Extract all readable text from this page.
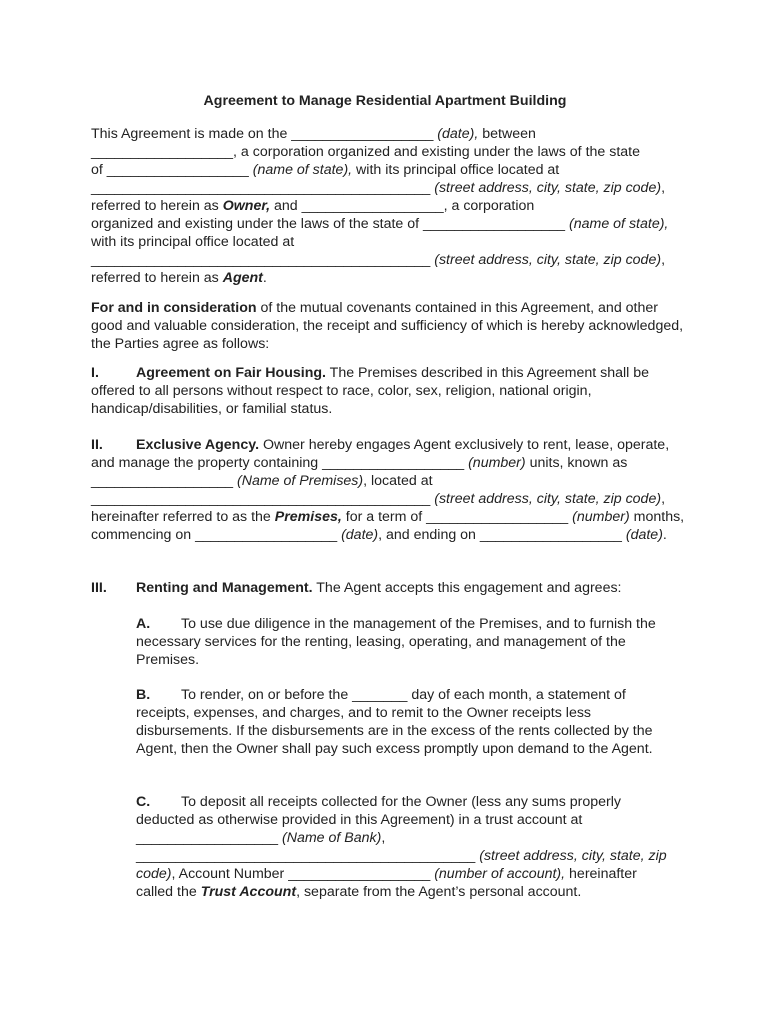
Agreement to Manage Residential Apartment Building

This Agreement is made on the __________________ (date), between
__________________, a corporation organized and existing under the laws of the state
of __________________ (name of state), with its principal office located at
___________________________________________ (street address, city, state, zip code), referred to herein as Owner, and __________________, a corporation
organized and existing under the laws of the state of __________________ (name of state), with its principal office located at
___________________________________________ (street address, city, state, zip code), referred to herein as Agent.

For and in consideration of the mutual covenants contained in this Agreement, and other good and valuable consideration, the receipt and sufficiency of which is hereby acknowledged, the Parties agree as follows:

I.	Agreement on Fair Housing. The Premises described in this Agreement shall be offered to all persons without respect to race, color, sex, religion, national origin, handicap/disabilities, or familial status.

II. Exclusive Agency. Owner hereby engages Agent exclusively to rent, lease, operate, and manage the property containing __________________ (number) units, known as __________________ (Name of Premises), located at ___________________________________________ (street address, city, state, zip code), hereinafter referred to as the Premises, for a term of __________________ (number) months, commencing on __________________ (date), and ending on __________________ (date).

III. Renting and Management. The Agent accepts this engagement and agrees:

A. To use due diligence in the management of the Premises, and to furnish the necessary services for the renting, leasing, operating, and management of the Premises.

B. To render, on or before the _______ day of each month, a statement of receipts, expenses, and charges, and to remit to the Owner receipts less disbursements. If the disbursements are in the excess of the rents collected by the Agent, then the Owner shall pay such excess promptly upon demand to the Agent.

C. To deposit all receipts collected for the Owner (less any sums properly deducted as otherwise provided in this Agreement) in a trust account at __________________ (Name of Bank), ___________________________________________ (street address, city, state, zip code), Account Number __________________ (number of account), hereinafter called the Trust Account, separate from the Agent’s personal account.
